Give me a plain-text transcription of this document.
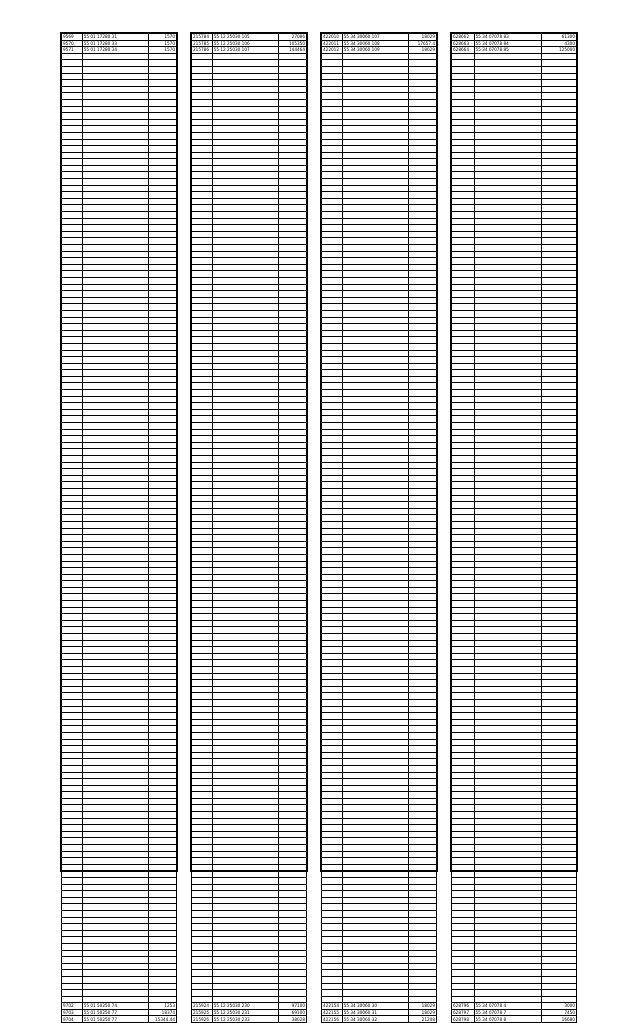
9569	55 01 17280 31	1570
9570	55 01 17280 33	1570
9571	55 01 17280 34	1570

9702	55 01 50250 74	1253
9703	55 01 50250 77	18374
9704	55 01 50250 77	15344.44
215784	55 12 25030 105	27086
215785	55 12 25030 106	105350
215786	55 12 25030 107	144464

215924	55 12 25030 230	97100
215925	55 12 25030 231	69100
215926	55 12 25030 233	38028
422010	55 34 30060 107	18029
422011	55 34 30060 108	17657.4
422012	55 34 30060 109	18029

422154	55 34 30060 30	18029
422155	55 34 30060 31	18029
422156	55 34 30060 32	21208
628662	55 34 07078 83	61300
628663	55 34 07078 84	4300
628664	55 34 07078 85	125000

628796	55 34 07078 4	3000
628797	55 34 07078 7	7450
628798	55 34 07078 8	16680
